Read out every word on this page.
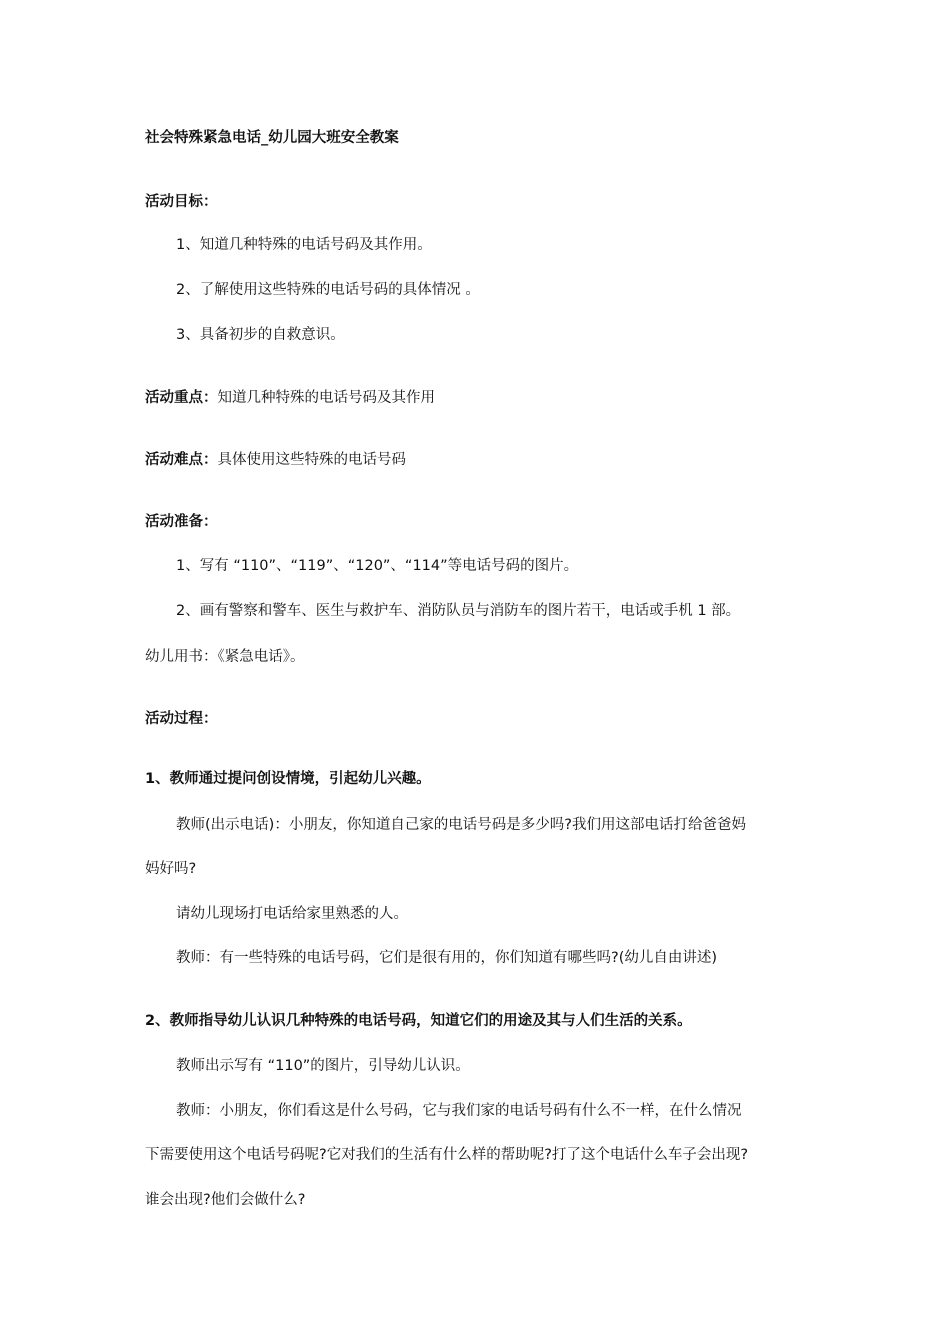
社会特殊紧急电话_幼儿园大班安全教案
活动目标：
1、知道几种特殊的电话号码及其作用。
2、了解使用这些特殊的电话号码的具体情况 。
3、具备初步的自救意识。
活动重点：知道几种特殊的电话号码及其作用
活动难点：具体使用这些特殊的电话号码
活动准备：
1、写有 “110”、“119”、“120”、“114”等电话号码的图片。
2、画有警察和警车、医生与救护车、消防队员与消防车的图片若干，电话或手机 1 部。
幼儿用书：《紧急电话》。
活动过程：
1、教师通过提问创设情境，引起幼儿兴趣。
教师(出示电话)：小朋友，你知道自己家的电话号码是多少吗?我们用这部电话打给爸爸妈
妈好吗?
请幼儿现场打电话给家里熟悉的人。
教师：有一些特殊的电话号码，它们是很有用的，你们知道有哪些吗?(幼儿自由讲述)
2、教师指导幼儿认识几种特殊的电话号码，知道它们的用途及其与人们生活的关系。
教师出示写有 “110”的图片，引导幼儿认识。
教师：小朋友，你们看这是什么号码，它与我们家的电话号码有什么不一样，在什么情况
下需要使用这个电话号码呢?它对我们的生活有什么样的帮助呢?打了这个电话什么车子会出现?
谁会出现?他们会做什么?
